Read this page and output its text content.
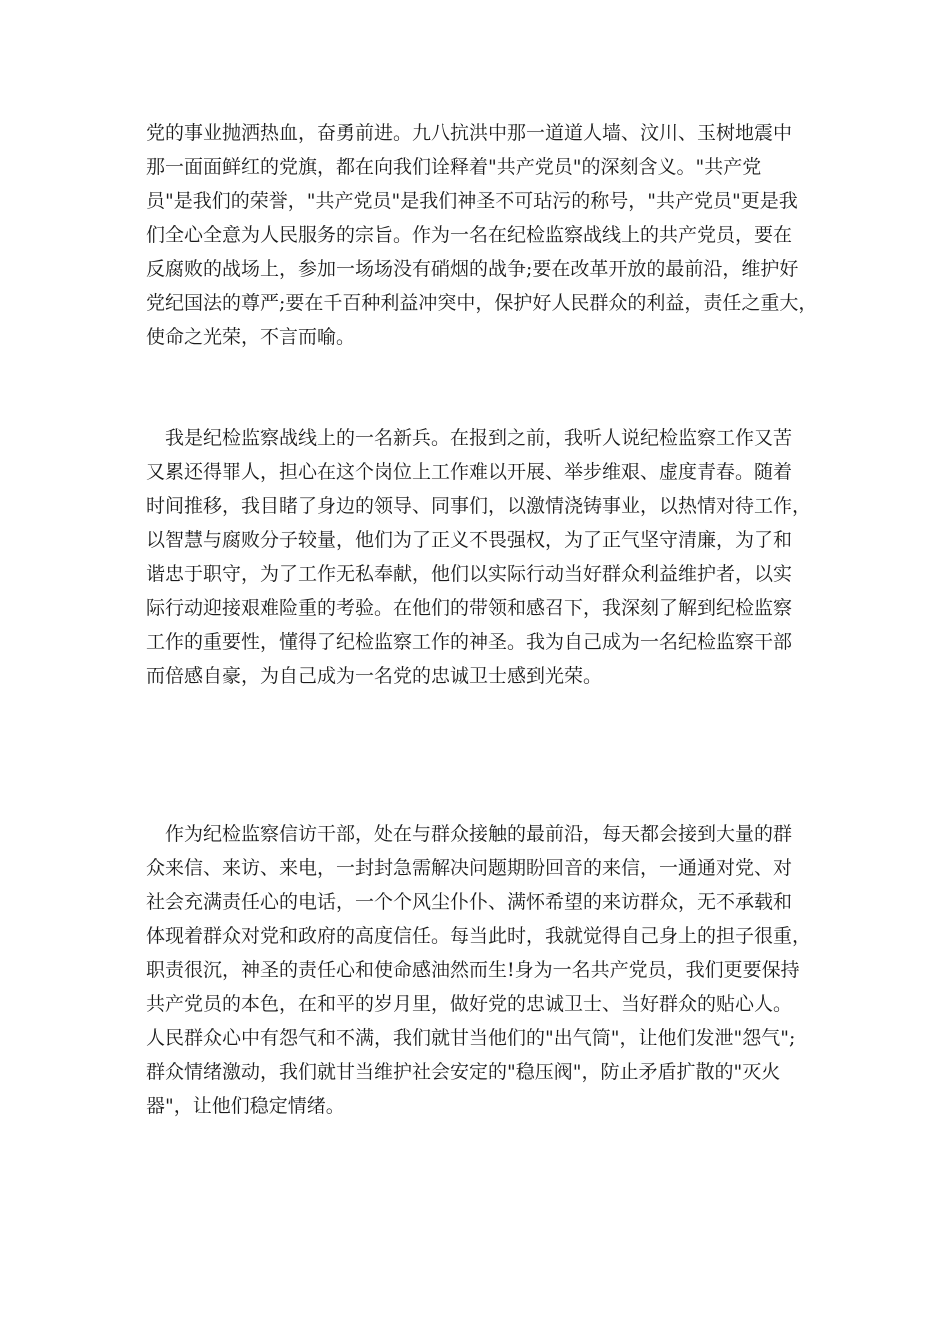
党的事业抛洒热血，奋勇前进。九八抗洪中那一道道人墙、汶川、玉树地震中
那一面面鲜红的党旗，都在向我们诠释着"共产党员"的深刻含义。"共产党
员"是我们的荣誉，"共产党员"是我们神圣不可玷污的称号，"共产党员"更是我
们全心全意为人民服务的宗旨。作为一名在纪检监察战线上的共产党员，要在
反腐败的战场上，参加一场场没有硝烟的战争;要在改革开放的最前沿，维护好
党纪国法的尊严;要在千百种利益冲突中，保护好人民群众的利益，责任之重大，
使命之光荣，不言而喻。

　我是纪检监察战线上的一名新兵。在报到之前，我听人说纪检监察工作又苦
又累还得罪人，担心在这个岗位上工作难以开展、举步维艰、虚度青春。随着
时间推移，我目睹了身边的领导、同事们，以激情浇铸事业，以热情对待工作，
以智慧与腐败分子较量，他们为了正义不畏强权，为了正气坚守清廉，为了和
谐忠于职守，为了工作无私奉献，他们以实际行动当好群众利益维护者，以实
际行动迎接艰难险重的考验。在他们的带领和感召下，我深刻了解到纪检监察
工作的重要性，懂得了纪检监察工作的神圣。我为自己成为一名纪检监察干部
而倍感自豪，为自己成为一名党的忠诚卫士感到光荣。

　作为纪检监察信访干部，处在与群众接触的最前沿，每天都会接到大量的群
众来信、来访、来电，一封封急需解决问题期盼回音的来信，一通通对党、对
社会充满责任心的电话，一个个风尘仆仆、满怀希望的来访群众，无不承载和
体现着群众对党和政府的高度信任。每当此时，我就觉得自己身上的担子很重，
职责很沉，神圣的责任心和使命感油然而生!身为一名共产党员，我们更要保持
共产党员的本色，在和平的岁月里，做好党的忠诚卫士、当好群众的贴心人。
人民群众心中有怨气和不满，我们就甘当他们的"出气筒"，让他们发泄"怨气";
群众情绪激动，我们就甘当维护社会安定的"稳压阀"，防止矛盾扩散的"灭火
器"，让他们稳定情绪。
